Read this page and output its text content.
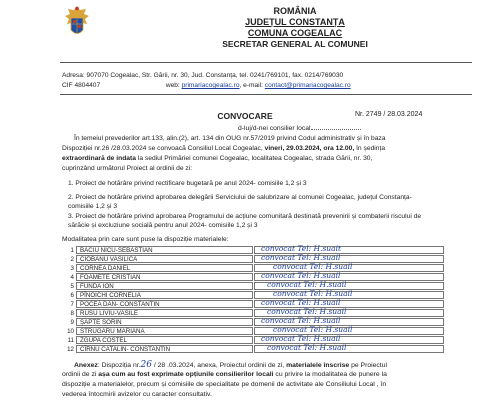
ROMÂNIA
JUDEȚUL CONSTANȚA
COMUNA COGEALAC
SECRETAR GENERAL AL COMUNEI
Adresa: 907070 Cogealac, Str. Gării, nr. 30, Jud. Constanța, tel. 0241/769101, fax. 0214/769030
CIF 4804407	web: primariacogealac.ro, e-mail: contact@primariacogealac.ro
CONVOCARE	Nr. 2749 / 28.03.2024
d-luj/d-nei consilier local
În temeiul prevederilor art.133, alin.(2), art. 134 din OUG nr.57/2019 privind Codul administrativ și în baza
Dispoziției nr.26 /28.03.2024 se convoacă Consiliul Local Cogealac, vineri, 29.03.2024, ora 12.00, în ședința
extraordinară de indata la sediul Primăriei comunei Cogealac, localitatea Cogealac, strada Gării, nr. 30,
cuprinzând următorul Proiect al ordinii de zi:
1. Proiect de hotărâre privind rectificare bugetară pe anul 2024- comisiile 1,2 și 3
2. Proiect de hotărâre privind aprobarea delegării Serviciului de salubrizare al comunei Cogealac, județul Constanța-
comisiile 1,2 și 3
3. Proiect de hotărâre privind aprobarea Programului de acțiune comunitară destinată prevenirii și combaterii riscului de
sărăcie și excluziune socială pentru anul 2024- comisiile 1,2 și 3
Modalitatea prin care sunt puse la dispoziție materialele:
1 BACIU NICU-SEBASTIAN	convocat Tel: H.suait
2 CIOBANU VASILICA	convocat Tel: H.suail
3 CORNEA DANIEL	convocat Tel: H.suail
4 FOAMETE CRISTIAN	convocat Tel: H.suail
5 FUNDA ION	convocat Tel: H.suail
6 PÎNOICHI CORNELIA	convocat Tel: H.suail
7 POCEA DAN- CONSTANTIN	convocat Tel: H.suail
8 RUSU LIVIU-VASILE	convocat Tel: H.suail
9 ȘAPTE SORIN	convocat Tel: H.suail
10 STRUGARU MARIANA	convocat Tel: H.suail
11 ZGUPA COSTEL	convocat Tel: H.suail
12 CÎRNU CATALIN- CONSTANTIN	convocat Tel: H.suail
Anexez: Dispoziția nr.26 / 28 .03.2024, anexa, Proiectul ordinii de zi, materialele înscrise pe Proiectul
ordinii de zi așa cum au fost exprimate opțiunile consilierilor locali cu privire la modalitatea de punere la
dispoziție a materialelor, precum și comisiile de specialitate pe domenii de activitate ale Consiliului Local , în
vederea întocmirii avizelor cu caracter consultativ.
